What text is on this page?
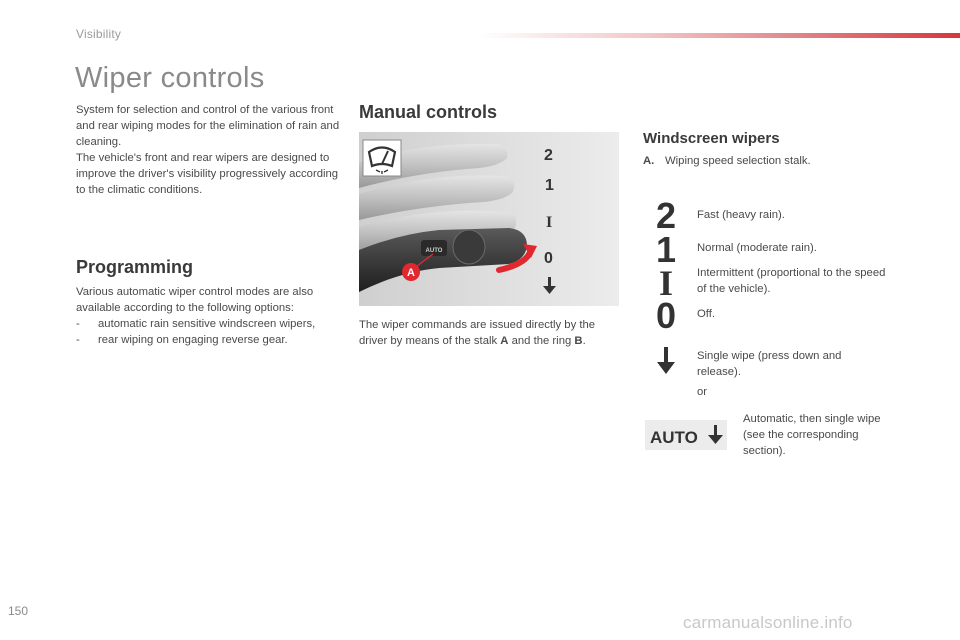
Visibility
Wiper controls

System for selection and control of the various front and rear wiping modes for the elimination of rain and cleaning.

The vehicle's front and rear wipers are designed to improve the driver's visibility progressively according to the climatic conditions.

Programming

Various automatic wiper control modes are also available according to the following options:

- automatic rain sensitive windscreen wipers,
- rear wiping on engaging reverse gear.
Manual controls
AUTO
2
1
I
0
A

The wiper commands are issued directly by the driver by means of the stalk A and the ring B.

Windscreen wipers
A. Wiping speed selection stalk.
2 Fast (heavy rain).
1 Normal (moderate rain).
I Intermittent (proportional to the speed of the vehicle).
0 Off.
Single wipe (press down and release).
or
AUTO
Automatic, then single wipe (see the corresponding section).
150
carmanualsonline.info
